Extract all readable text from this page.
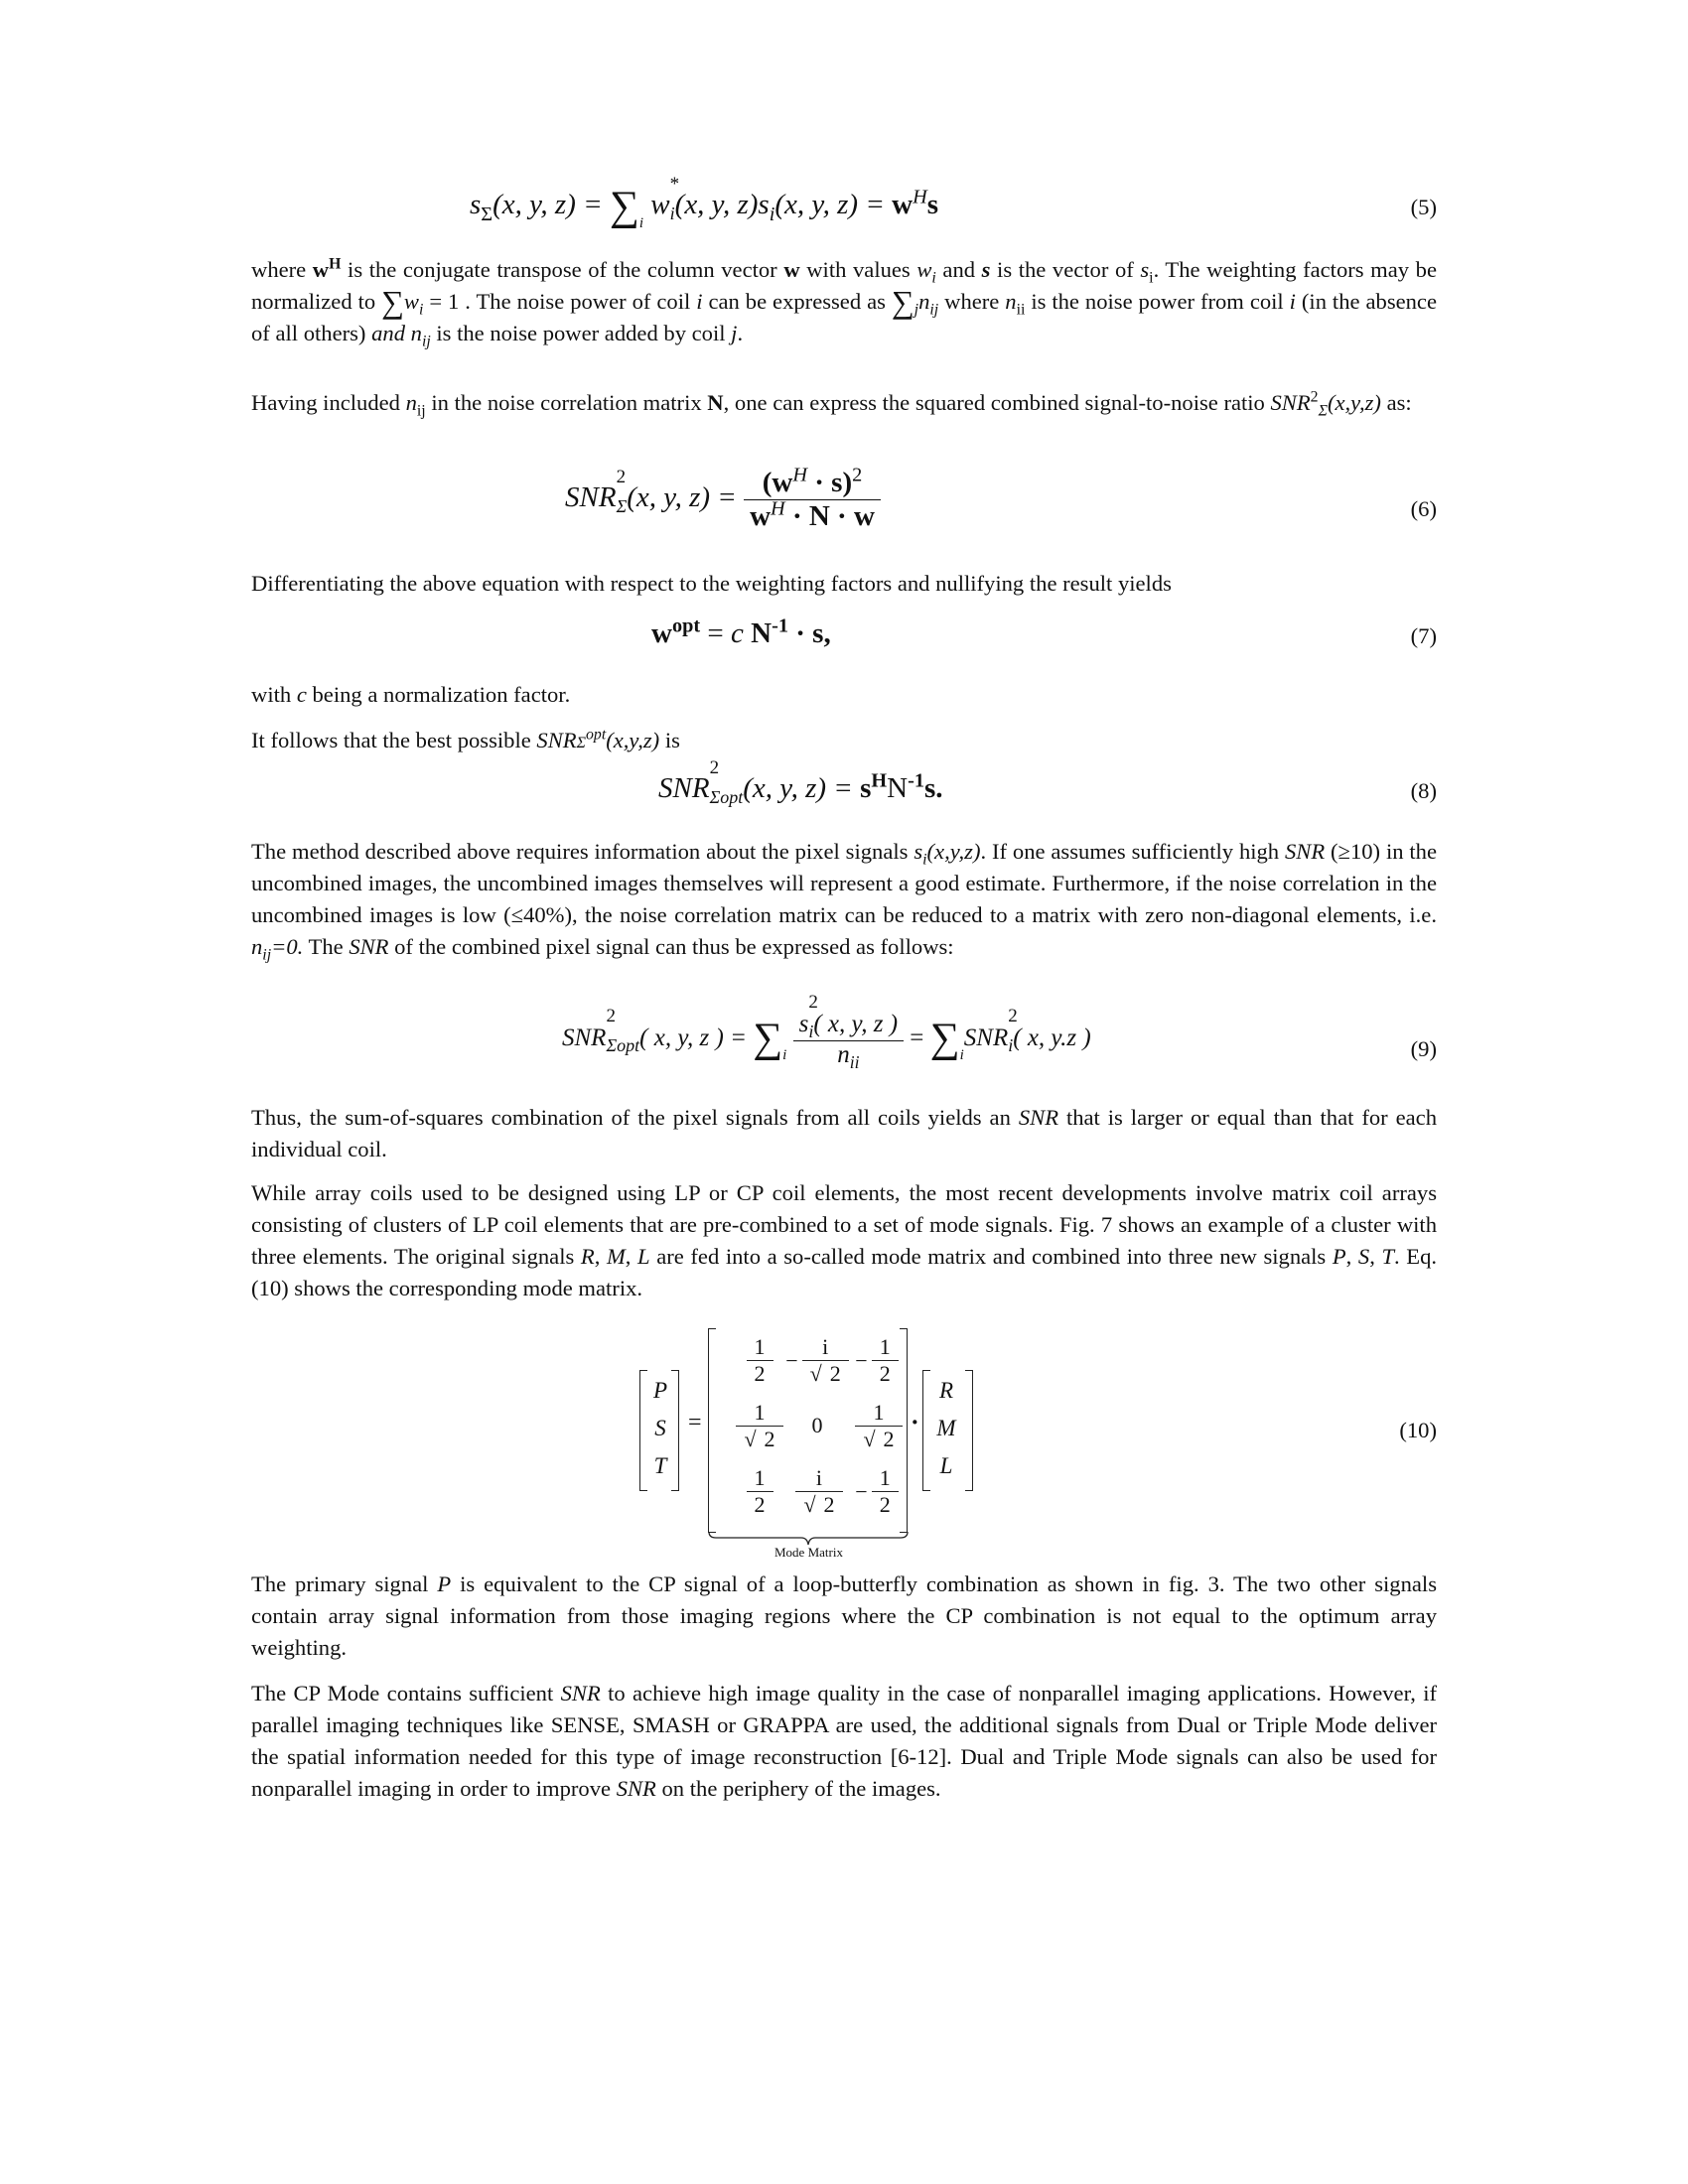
$s_\Sigma(x$, y, $z) = \sum_i$ w
*
i (x, y, $z)s_i(x$, y, $z) = w^Hs$	(5)

where $w^H$ is the conjugate transpose of the column vector w with values $w_i$ and s is the vector of $s_i$. The weighting factors may be normalized to $\sum w_i = 1$ . The noise power of coil i can be expressed as $\sum_jn_{ij}$ where $n_{ii}$ is the noise power from coil i (in the absence of all others) and $n_{ij}$ is the noise power added by coil j.

Having included $n_{ij}$ in the noise correlation matrix N, one can express the squared combined signal-to-noise ratio $SNR^2_\Sigma(x,y,z)$ as:

SNR
2
Σ (x, y, $z) = \frac{(w^H \cdot s)^2}{w^H \cdot N \cdot w}$	(6)

Differentiating the above equation with respect to the weighting factors and nullifying the result yields

$w^{opt} = c$ $N^{-1} \cdot s$,	(7)

with c being a normalization factor.

It follows that the best possible $SNR\Sigma^{opt}(x,y,z)$ is

SNR
2
Σopt (x, y, $z) = s^HN^{-1}s$.	(8)

The method described above requires information about the pixel signals $s_i(x,y,z)$. If one assumes sufficiently high SNR (≥10) in the uncombined images, the uncombined images themselves will represent a good estimate. Furthermore, if the noise correlation in the uncombined images is low (≤40%), the noise correlation matrix can be reduced to a matrix with zero non-diagonal elements, i.e. $n_{ij}=0$. The SNR of the combined pixel signal can thus be expressed as follows:

SNR
2
Σopt ( x, y, z ) = $\sum_i$ s
2
i ( x, y, z )
$n_{ii} = \sum_iSNR$
2
i ( x, y.z )	(9)

Thus, the sum-of-squares combination of the pixel signals from all coils yields an SNR that is larger or equal than that for each individual coil.

While array coils used to be designed using LP or CP coil elements, the most recent developments involve matrix coil arrays consisting of clusters of LP coil elements that are pre-combined to a set of mode signals. Fig. 7 shows an example of a cluster with three elements. The original signals R, M, L are fed into a so-called mode matrix and combined into three new signals P, S, T. Eq. (10) shows the corresponding mode matrix.

P
S
T
=
$\frac{1}{2} - \frac{i}{√ 2} - \frac{1}{2}$
$\frac{1}{√ 2}$	0	$\frac{1}{√ 2}$
$\frac{1}{2} \frac{i}{√ 2} - \frac{1}{2}$
·
R
M
L
Mode Matrix
(10)

The primary signal P is equivalent to the CP signal of a loop-butterfly combination as shown in fig. 3. The two other signals contain array signal information from those imaging regions where the CP combination is not equal to the optimum array weighting.

The CP Mode contains sufficient SNR to achieve high image quality in the case of nonparallel imaging applications. However, if parallel imaging techniques like SENSE, SMASH or GRAPPA are used, the additional signals from Dual or Triple Mode deliver the spatial information needed for this type of image reconstruction [6-12]. Dual and Triple Mode signals can also be used for nonparallel imaging in order to improve SNR on the periphery of the images.
